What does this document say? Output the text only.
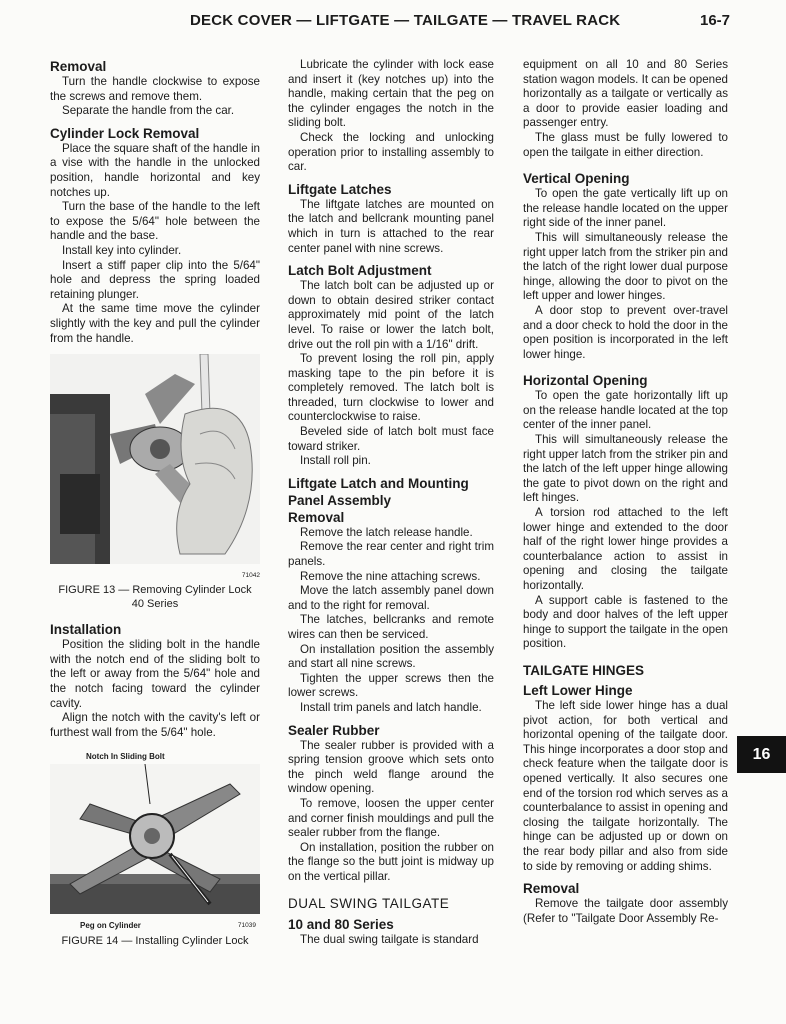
DECK COVER — LIFTGATE — TAILGATE — TRAVEL RACK	16-7
Removal

Turn the handle clockwise to expose the screws and remove them.

Separate the handle from the car.

Cylinder Lock Removal

Place the square shaft of the handle in a vise with the handle in the unlocked position, handle horizontal and key notches up.

Turn the base of the handle to the left to expose the 5/64" hole between the handle and the base.

Install key into cylinder.

Insert a stiff paper clip into the 5/64" hole and depress the spring loaded retaining plunger.

At the same time move the cylinder slightly with the key and pull the cylinder from the handle.

71042
FIGURE 13 — Removing Cylinder Lock
40 Series
Installation

Position the sliding bolt in the handle with the notch end of the sliding bolt to the left or away from the 5/64" hole and the notch facing toward the cylinder cavity.

Align the notch with the cavity's left or furthest wall from the 5/64" hole.

Notch In Sliding Bolt
Peg on Cylinder	71039
FIGURE 14 — Installing Cylinder Lock

Lubricate the cylinder with lock ease and insert it (key notches up) into the handle, making certain that the peg on the cylinder engages the notch in the sliding bolt.

Check the locking and unlocking operation prior to installing assembly to car.

Liftgate Latches

The liftgate latches are mounted on the latch and bellcrank mounting panel which in turn is attached to the rear center panel with nine screws.

Latch Bolt Adjustment

The latch bolt can be adjusted up or down to obtain desired striker contact approximately mid point of the latch level. To raise or lower the latch bolt, drive out the roll pin with a 1/16" drift.

To prevent losing the roll pin, apply masking tape to the pin before it is completely removed. The latch bolt is threaded, turn clockwise to lower and counterclockwise to raise.

Beveled side of latch bolt must face toward striker.

Install roll pin.

Liftgate Latch and Mounting
Panel Assembly
Removal

Remove the latch release handle.

Remove the rear center and right trim panels.

Remove the nine attaching screws.

Move the latch assembly panel down and to the right for removal.

The latches, bellcranks and remote wires can then be serviced.

On installation position the assembly and start all nine screws.

Tighten the upper screws then the lower screws.

Install trim panels and latch handle.

Sealer Rubber

The sealer rubber is provided with a spring tension groove which sets onto the pinch weld flange around the window opening.

To remove, loosen the upper center and corner finish mouldings and pull the sealer rubber from the flange.

On installation, position the rubber on the flange so the butt joint is midway up on the vertical pillar.

DUAL SWING TAILGATE
10 and 80 Series

The dual swing tailgate is standard

equipment on all 10 and 80 Series station wagon models. It can be opened horizontally as a tailgate or vertically as a door to provide easier loading and passenger entry.

The glass must be fully lowered to open the tailgate in either direction.

Vertical Opening

To open the gate vertically lift up on the release handle located on the upper right side of the inner panel.

This will simultaneously release the right upper latch from the striker pin and the latch of the right lower dual purpose hinge, allowing the door to pivot on the left upper and lower hinges.

A door stop to prevent over-travel and a door check to hold the door in the open position is incorporated in the left lower hinge.

Horizontal Opening

To open the gate horizontally lift up on the release handle located at the top center of the inner panel.

This will simultaneously release the right upper latch from the striker pin and the latch of the left upper hinge allowing the gate to pivot down on the right and left hinges.

A torsion rod attached to the left lower hinge and extended to the door half of the right lower hinge provides a counterbalance action to assist in opening and closing the tailgate horizontally.

A support cable is fastened to the body and door halves of the left upper hinge to support the tailgate in the open position.

TAILGATE HINGES
Left Lower Hinge

The left side lower hinge has a dual pivot action, for both vertical and horizontal opening of the tailgate door. This hinge incorporates a door stop and check feature when the tailgate door is opened vertically. It also secures one end of the torsion rod which serves as a counterbalance to assist in opening and closing the tailgate horizontally. The hinge can be adjusted up or down on the rear body pillar and also from side to side by removing or adding shims.

Removal

Remove the tailgate door assembly (Refer to "Tailgate Door Assembly Re-

16
